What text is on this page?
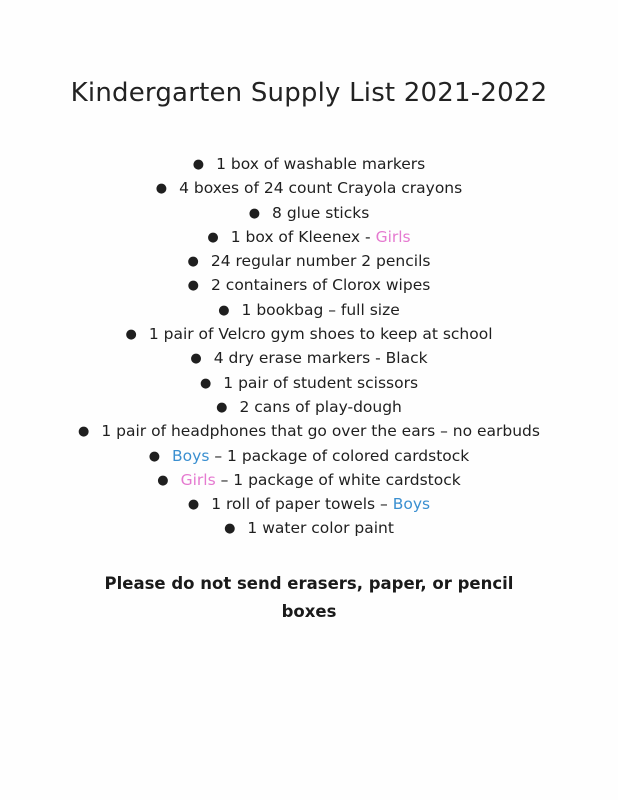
Kindergarten Supply List 2021-2022
● 1 box of washable markers
● 4 boxes of 24 count Crayola crayons
● 8 glue sticks
● 1 box of Kleenex - Girls
● 24 regular number 2 pencils
● 2 containers of Clorox wipes
● 1 bookbag – full size
● 1 pair of Velcro gym shoes to keep at school
● 4 dry erase markers - Black
● 1 pair of student scissors
● 2 cans of play-dough
● 1 pair of headphones that go over the ears – no earbuds
● Boys – 1 package of colored cardstock
● Girls – 1 package of white cardstock
● 1 roll of paper towels – Boys
● 1 water color paint
Please do not send erasers, paper, or pencil
boxes
